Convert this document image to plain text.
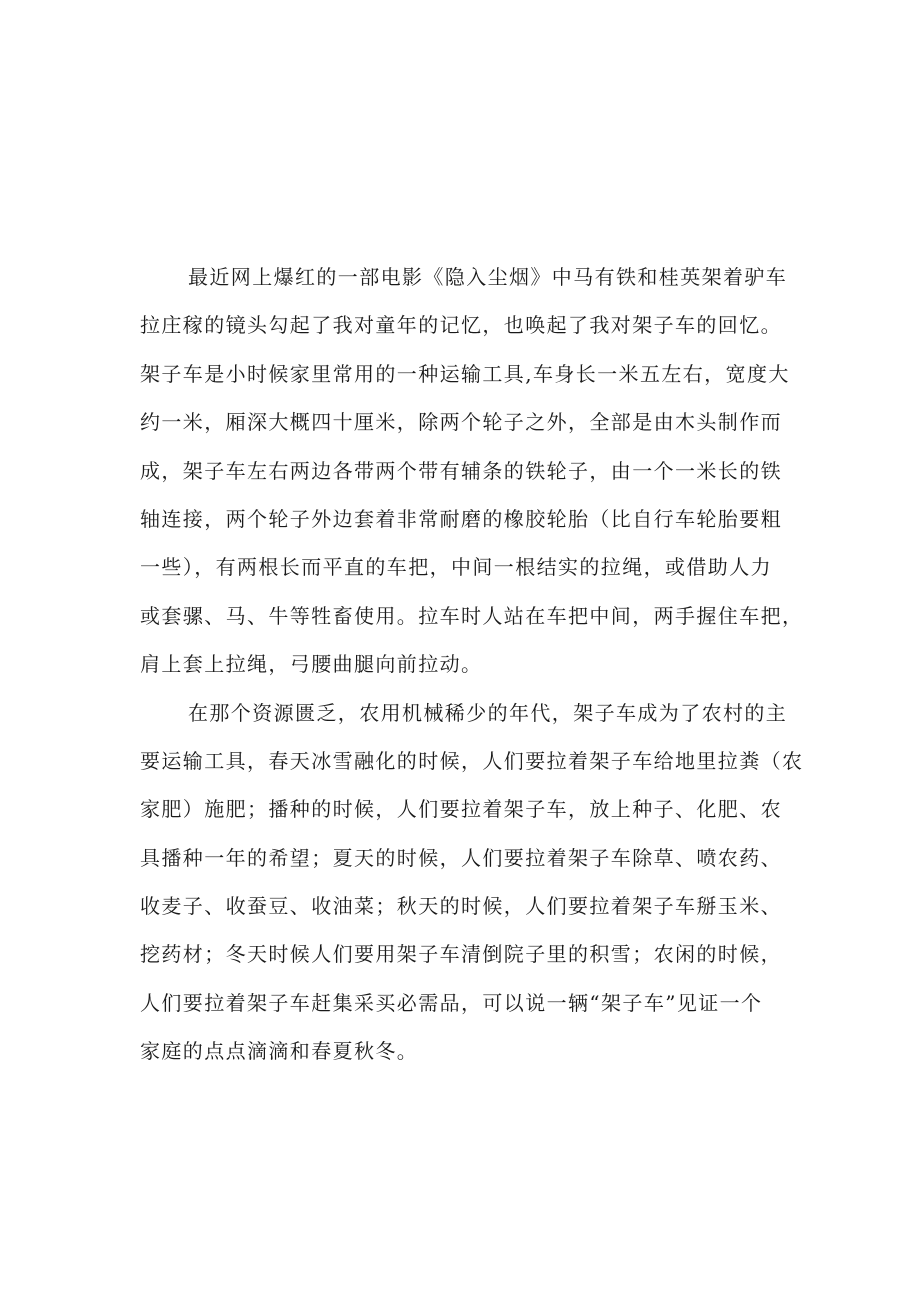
最近网上爆红的一部电影《隐入尘烟》中马有铁和桂英架着驴车
拉庄稼的镜头勾起了我对童年的记忆，也唤起了我对架子车的回忆。
架子车是小时候家里常用的一种运输工具,车身长一米五左右，宽度大
约一米，厢深大概四十厘米，除两个轮子之外，全部是由木头制作而
成，架子车左右两边各带两个带有辅条的铁轮子，由一个一米长的铁
轴连接，两个轮子外边套着非常耐磨的橡胶轮胎（比自行车轮胎要粗
一些），有两根长而平直的车把，中间一根结实的拉绳，或借助人力
或套骡、马、牛等牲畜使用。拉车时人站在车把中间，两手握住车把，
肩上套上拉绳，弓腰曲腿向前拉动。
在那个资源匮乏，农用机械稀少的年代，架子车成为了农村的主
要运输工具，春天冰雪融化的时候，人们要拉着架子车给地里拉粪（农
家肥）施肥；播种的时候，人们要拉着架子车，放上种子、化肥、农
具播种一年的希望；夏天的时候，人们要拉着架子车除草、喷农药、
收麦子、收蚕豆、收油菜；秋天的时候，人们要拉着架子车掰玉米、
挖药材；冬天时候人们要用架子车清倒院子里的积雪；农闲的时候，
人们要拉着架子车赶集采买必需品，可以说一辆“架子车”见证一个
家庭的点点滴滴和春夏秋冬。
